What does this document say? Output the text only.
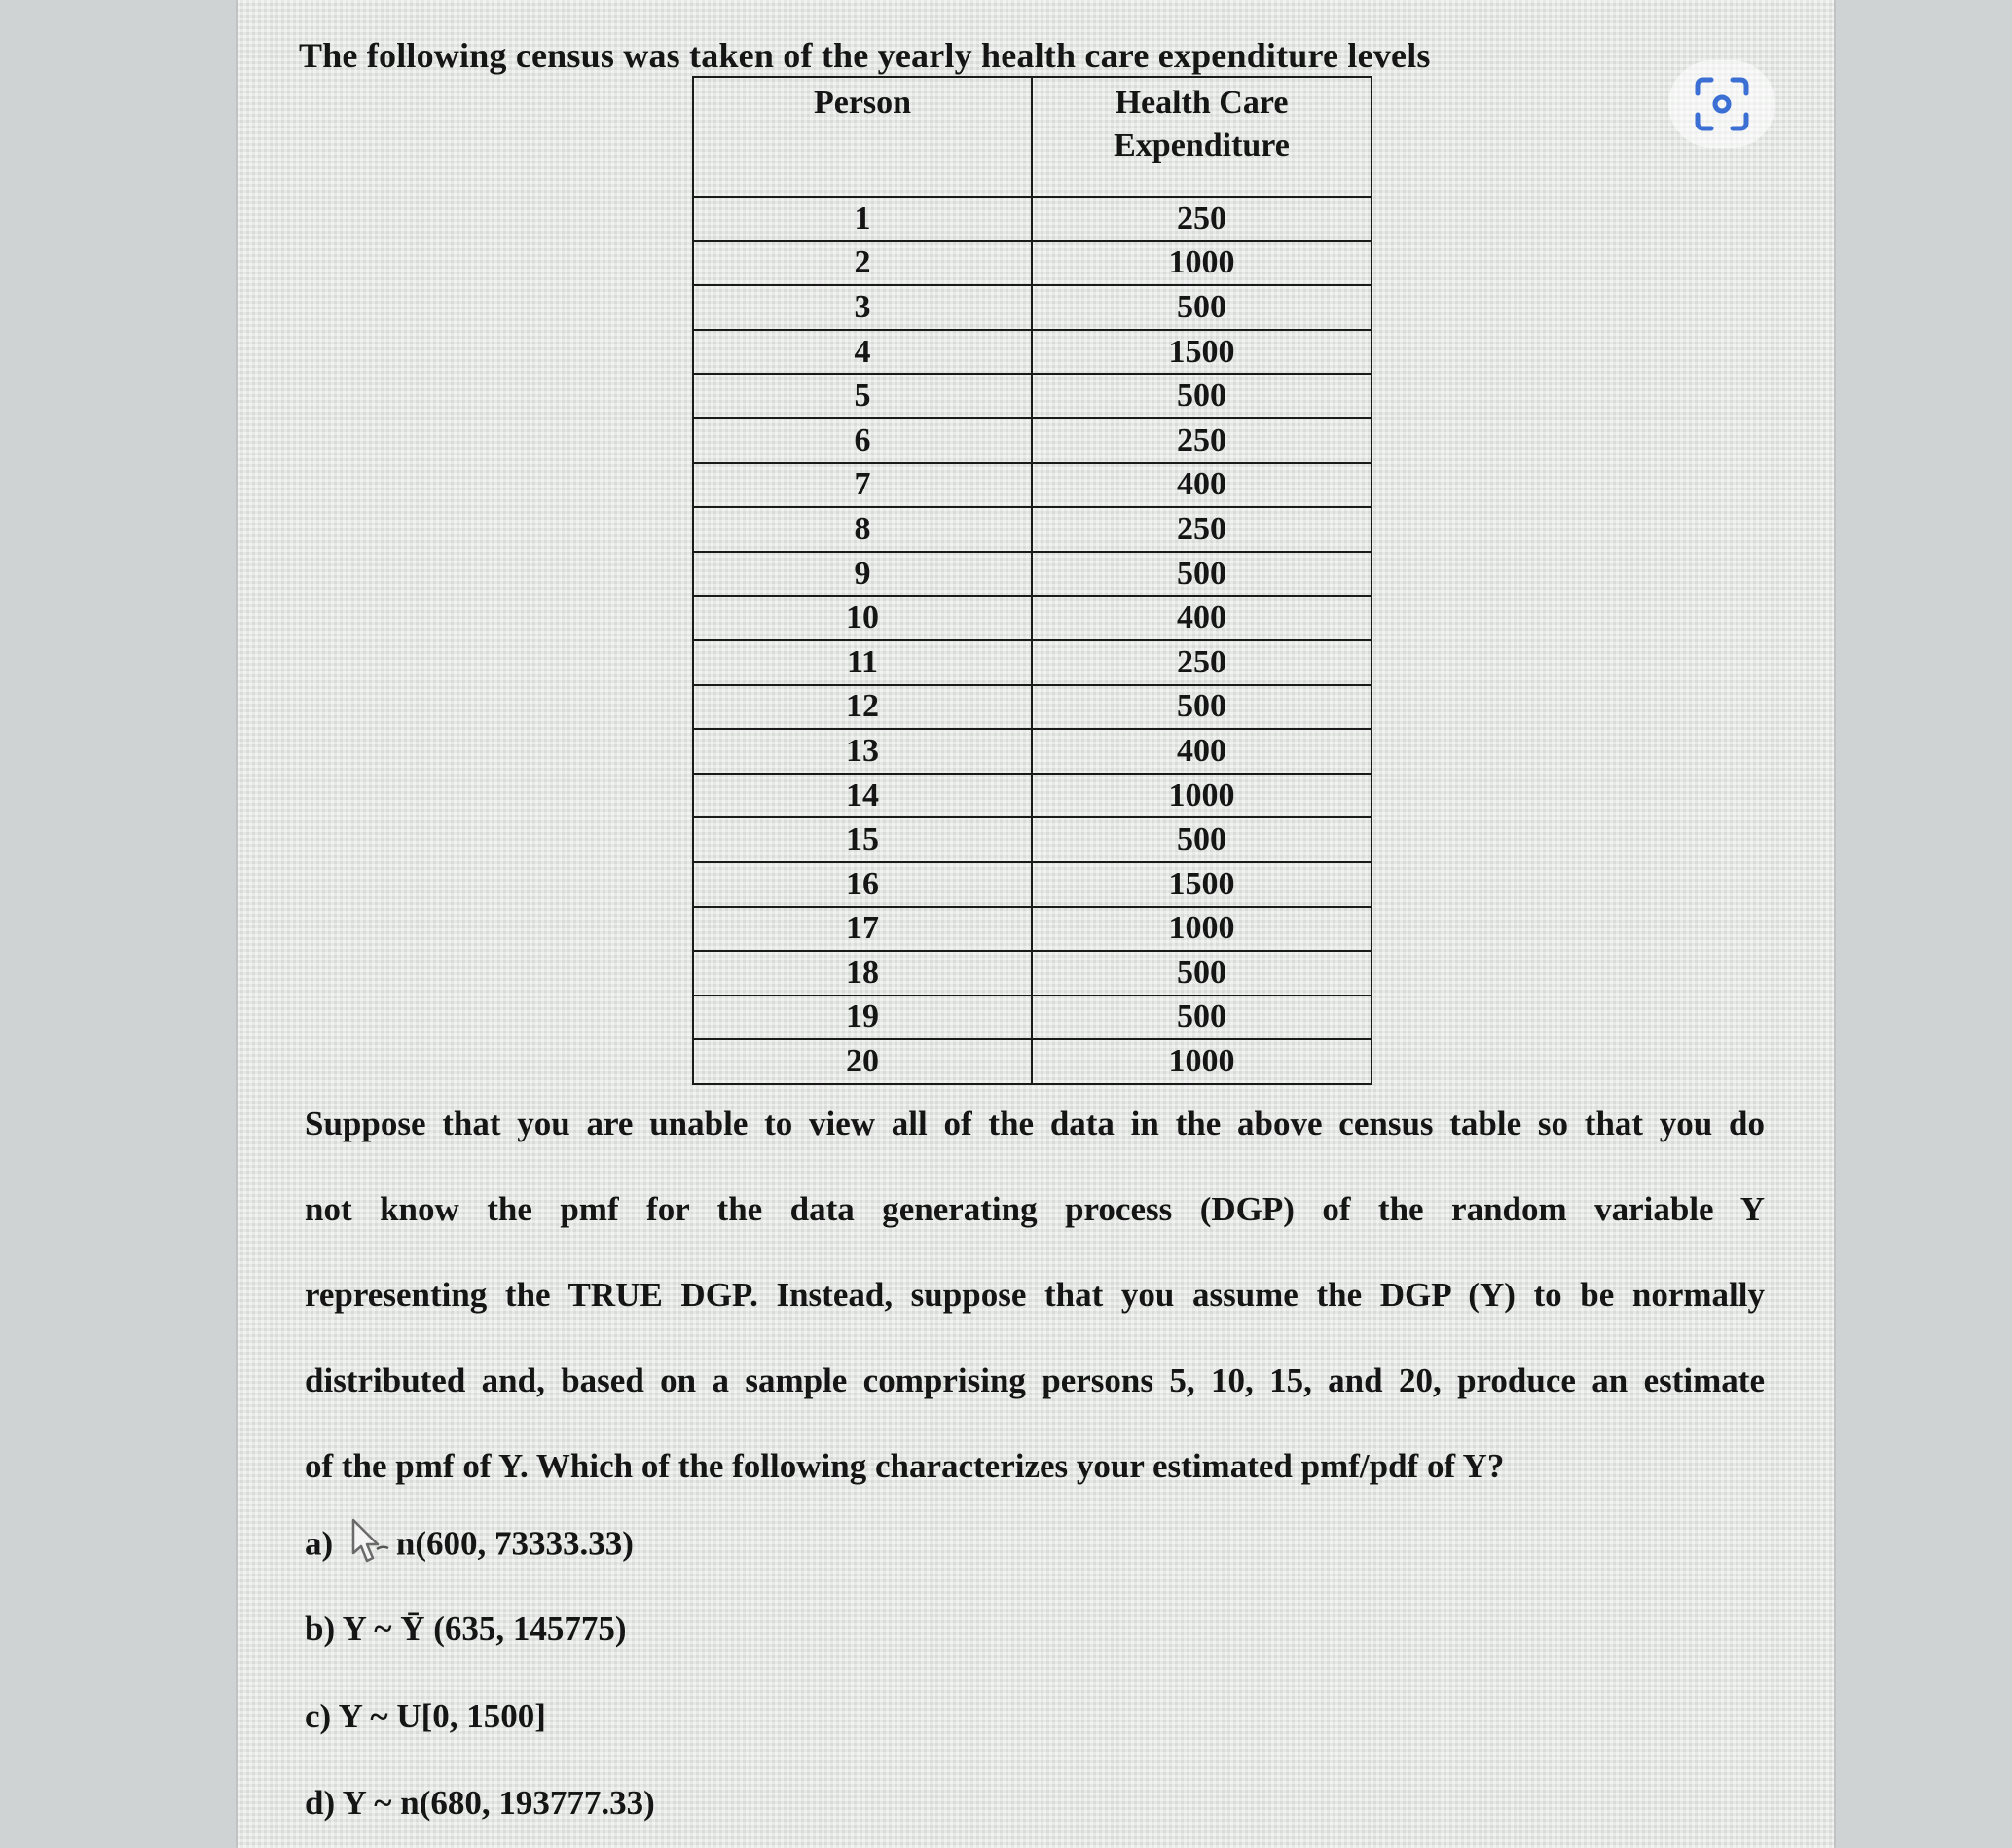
The following census was taken of the yearly health care expenditure levels
Person	Health Care Expenditure

1	250
2	1000
3	500
4	1500
5	500
6	250
7	400
8	250
9	500
10	400
11	250
12	500
13	400
14	1000
15	500
16	1500
17	1000
18	500
19	500
20	1000
Suppose that you are unable to view all of the data in the above census table so that you do
not know the pmf for the data generating process (DGP) of the random variable Y
representing the TRUE DGP. Instead, suppose that you assume the DGP (Y) to be normally
distributed and, based on a sample comprising persons 5, 10, 15, and 20, produce an estimate
of the pmf of Y. Which of the following characterizes your estimated pmf/pdf of Y?
a) n(600, 73333.33)
b) Y ~ Ȳ (635, 145775)
c) Y ~ U[0, 1500]
d) Y ~ n(680, 193777.33)
